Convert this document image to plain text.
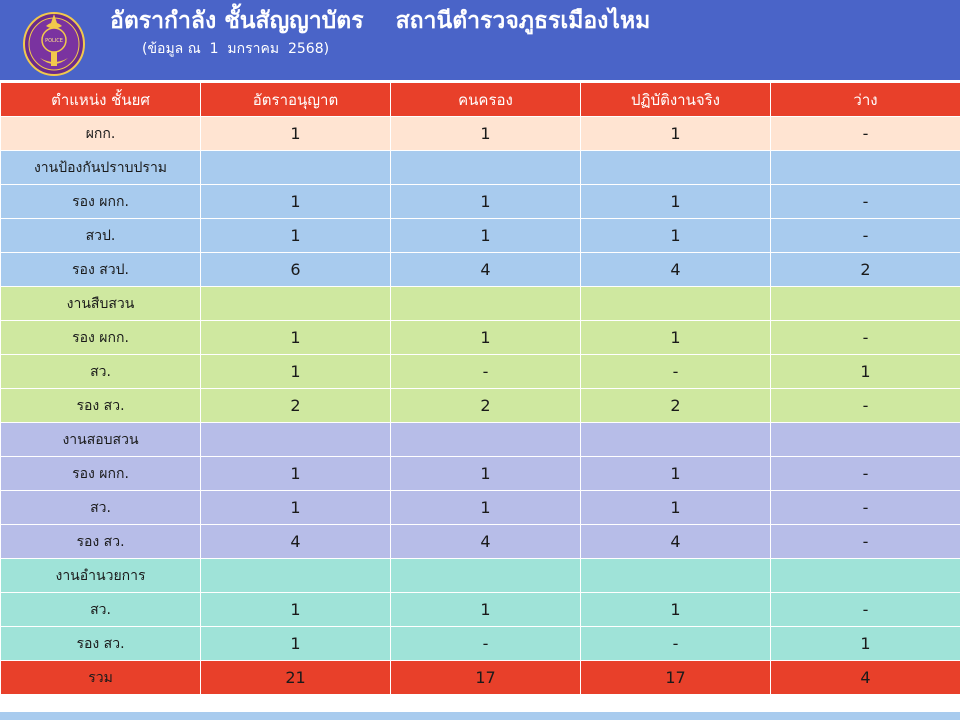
POLICE
อัตรากำลัง ชั้นสัญญาบัตร    สถานีตำรวจภูธรเมืองไหม
(ข้อมูล ณ  1  มกราคม  2568)
ตำแหน่ง ชั้นยศ	อัตราอนุญาต	คนครอง	ปฏิบัติงานจริง	ว่าง
ผกก.	1	1	1	-
งานป้องกันปราบปราม				
รอง ผกก.	1	1	1	-
สวป.	1	1	1	-
รอง สวป.	6	4	4	2
งานสืบสวน				
รอง ผกก.	1	1	1	-
สว.	1	-	-	1
รอง สว.	2	2	2	-
งานสอบสวน				
รอง ผกก.	1	1	1	-
สว.	1	1	1	-
รอง สว.	4	4	4	-
งานอำนวยการ				
สว.	1	1	1	-
รอง สว.	1	-	-	1
รวม	21	17	17	4
